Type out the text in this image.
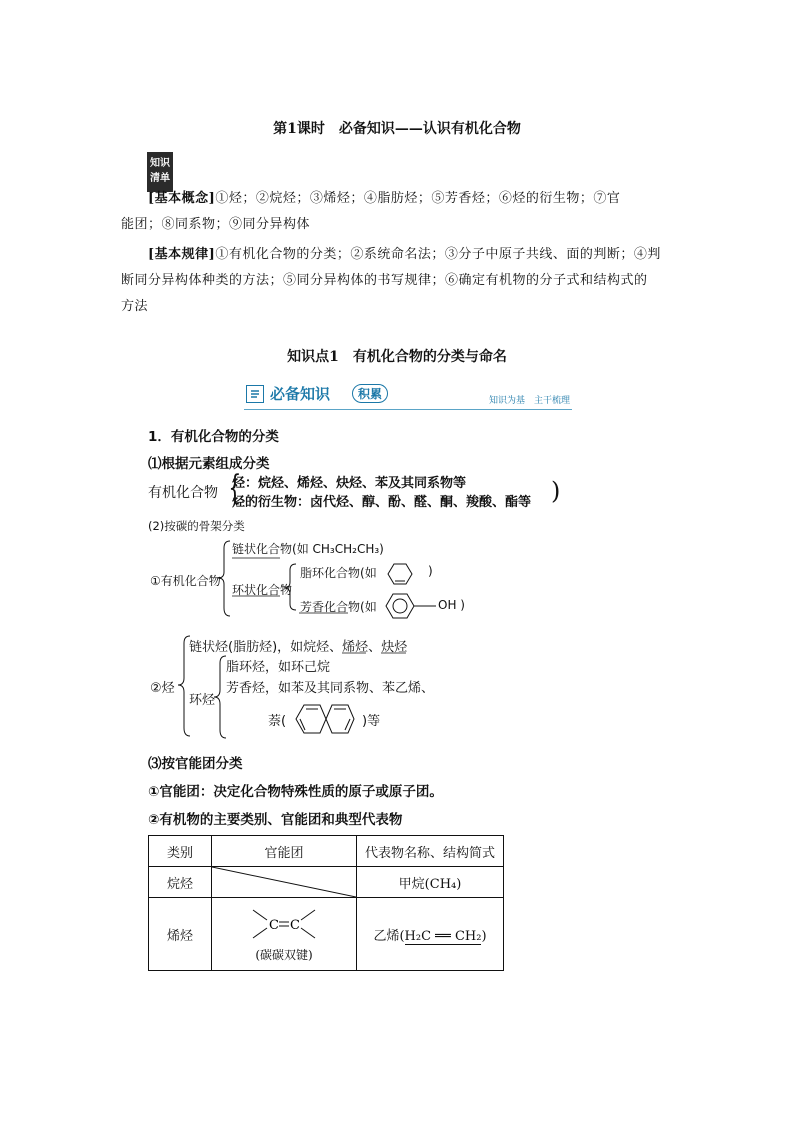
第1课时　必备知识——认识有机化合物
知识
清单
[基本概念]①烃；②烷烃；③烯烃；④脂肪烃；⑤芳香烃；⑥烃的衍生物；⑦官
能团；⑧同系物；⑨同分异构体
[基本规律]①有机化合物的分类；②系统命名法；③分子中原子共线、面的判断；④判
断同分异构体种类的方法；⑤同分异构体的书写规律；⑥确定有机物的分子式和结构式的
方法
知识点1　有机化合物的分类与命名
必备知识	积累	知识为基　主干梳理
1．有机化合物的分类
⑴根据元素组成分类
有机化合物 {
烃：烷烃、烯烃、炔烃、苯及其同系物等
烃的衍生物：卤代烃、醇、酚、醛、酮、羧酸、酯等 )
(2)按碳的骨架分类
①有机化合物
链状化合物(如 CH₃CH₂CH₃)
环状化合物
脂环化合物(如	)
芳香化合物(如	OH )
②烃
链状烃(脂肪烃)，如烷烃、烯烃、炔烃
环烃
脂环烃，如环己烷
芳香烃，如苯及其同系物、苯乙烯、
萘(	)等
⑶按官能团分类
①官能团：决定化合物特殊性质的原子或原子团。
②有机物的主要类别、官能团和典型代表物
类别	官能团	代表物名称、结构简式
烷烃		甲烷(CH₄)
烯烃	C C
(碳碳双键)	乙烯(H₂C ══ CH₂)
